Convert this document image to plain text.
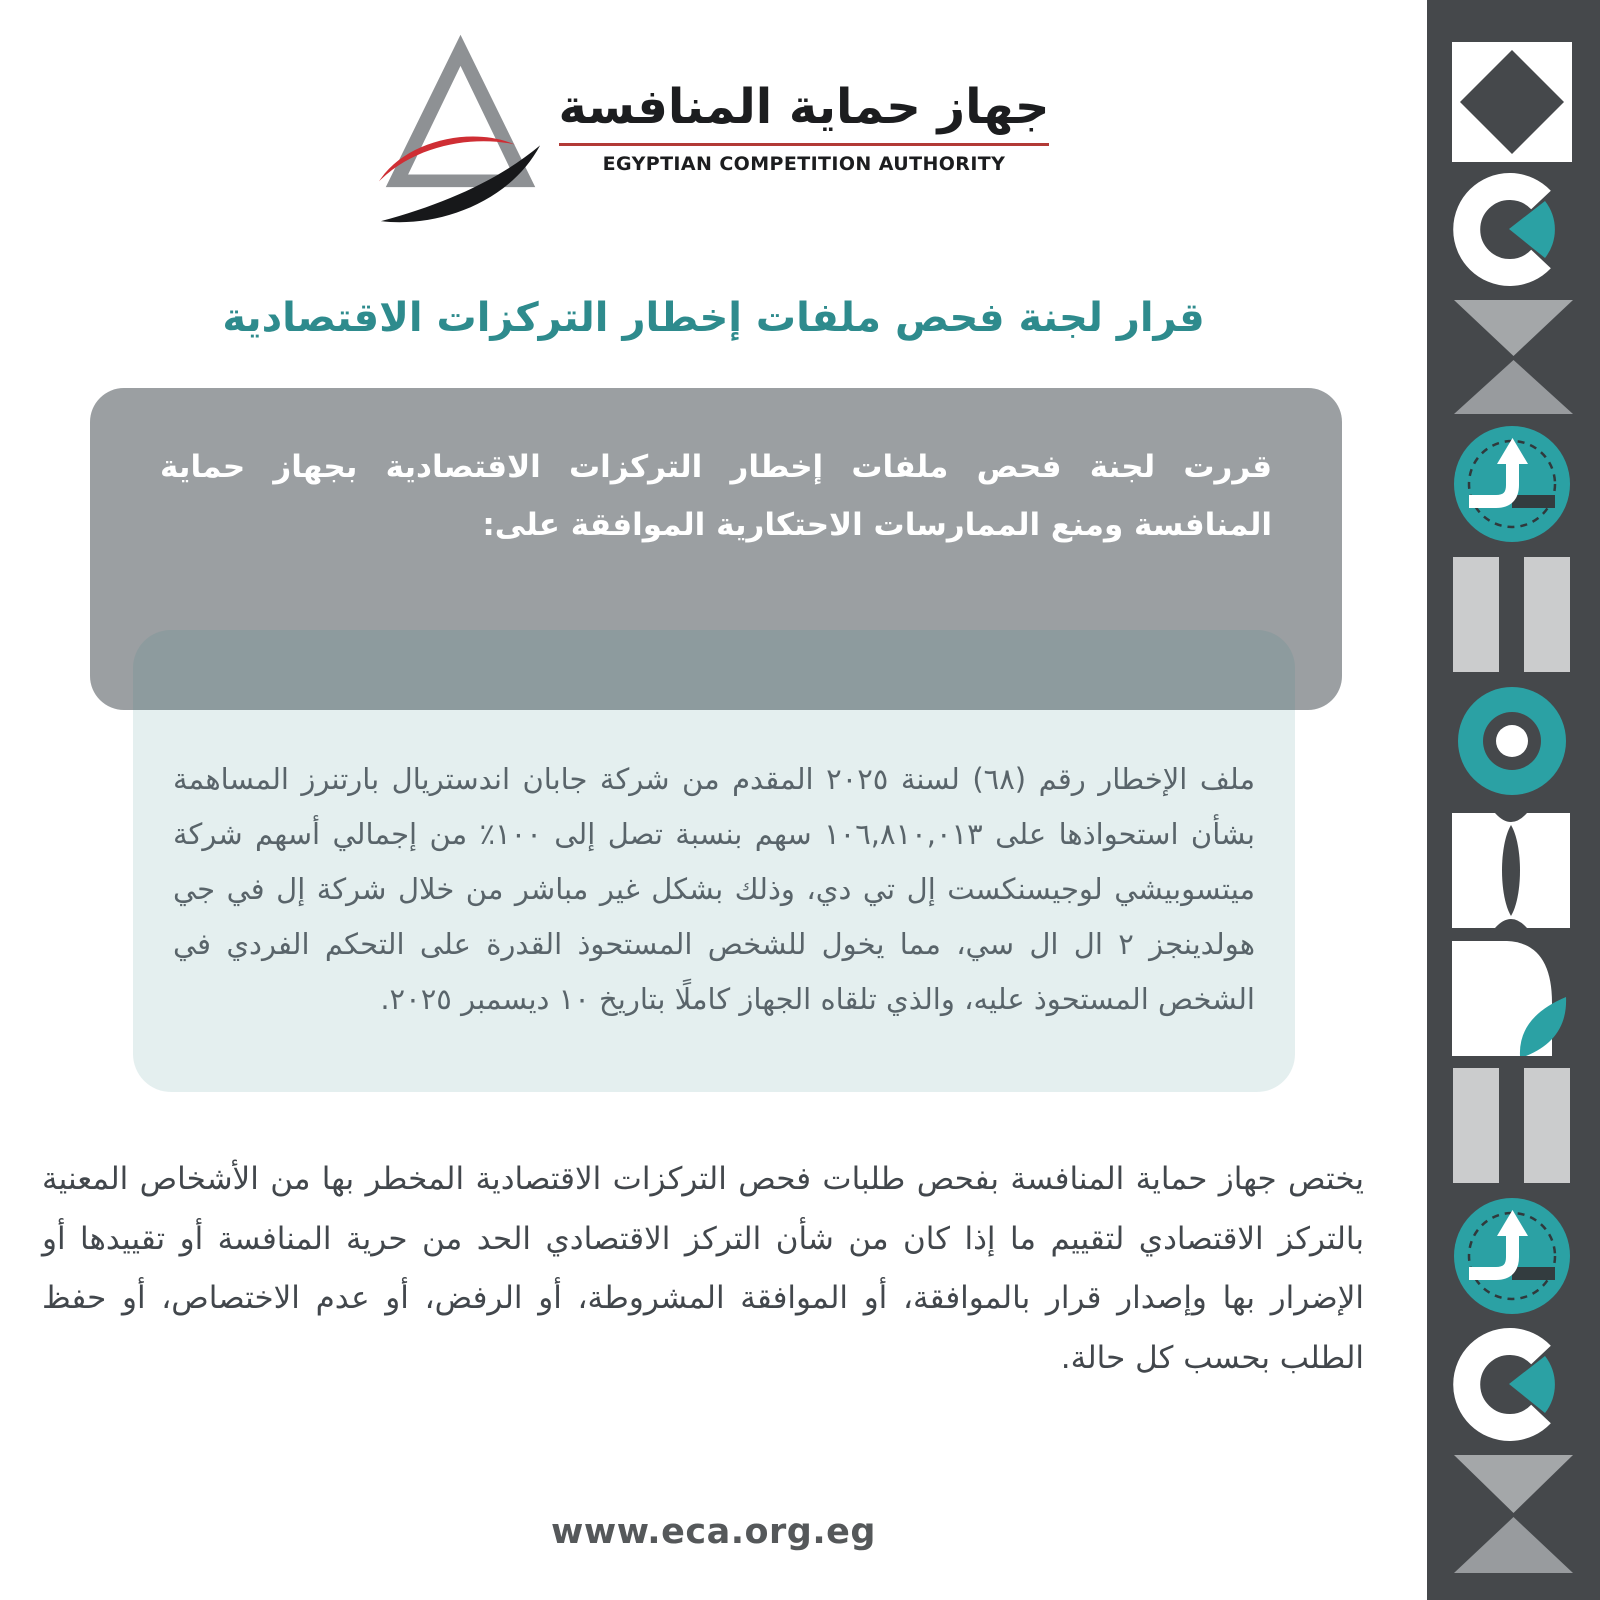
جهاز حماية المنافسة
EGYPTIAN COMPETITION AUTHORITY
قرار لجنة فحص ملفات إخطار التركزات الاقتصادية

قررت لجنة فحص ملفات إخطار التركزات الاقتصادية بجهاز حماية المنافسة ومنع الممارسات الاحتكارية الموافقة على:

ملف الإخطار رقم (٦٨) لسنة ٢٠٢٥ المقدم من شركة جابان اندستريال بارتنرز المساهمة بشأن استحواذها على ١٠٦,٨١٠,٠١٣ سهم بنسبة تصل إلى ١٠٠٪ من إجمالي أسهم شركة ميتسوبيشي لوجيسنكست إل تي دي، وذلك بشكل غير مباشر من خلال شركة إل في جي هولدينجز ٢ ال ال سي، مما يخول للشخص المستحوذ القدرة على التحكم الفردي في الشخص المستحوذ عليه، والذي تلقاه الجهاز كاملًا بتاريخ ١٠ ديسمبر ٢٠٢٥.

يختص جهاز حماية المنافسة بفحص طلبات فحص التركزات الاقتصادية المخطر بها من الأشخاص المعنية بالتركز الاقتصادي لتقييم ما إذا كان من شأن التركز الاقتصادي الحد من حرية المنافسة أو تقييدها أو الإضرار بها وإصدار قرار بالموافقة، أو الموافقة المشروطة، أو الرفض، أو عدم الاختصاص، أو حفظ الطلب بحسب كل حالة.

www.eca.org.eg
